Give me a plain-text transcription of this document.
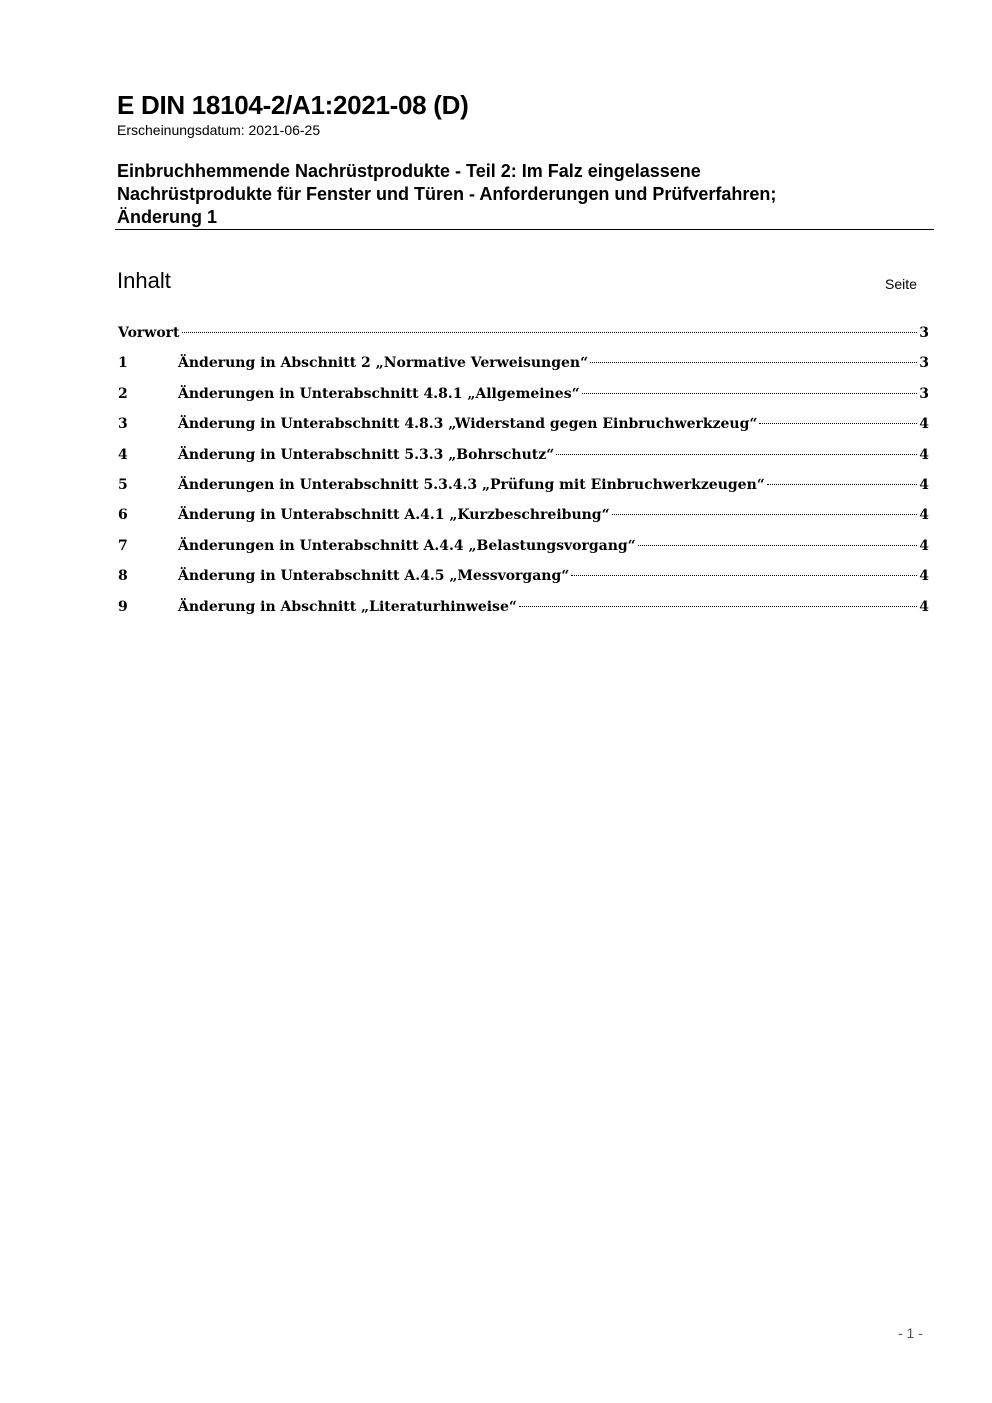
E DIN 18104-2/A1:2021-08 (D)
Erscheinungsdatum: 2021-06-25
Einbruchhemmende Nachrüstprodukte - Teil 2: Im Falz eingelassene
Nachrüstprodukte für Fenster und Türen - Anforderungen und Prüfverfahren;
Änderung 1
Inhalt	Seite
Vorwort	3
1	Änderung in Abschnitt 2 „Normative Verweisungen“	3
2	Änderungen in Unterabschnitt 4.8.1 „Allgemeines“	3
3	Änderung in Unterabschnitt 4.8.3 „Widerstand gegen Einbruchwerkzeug“	4
4	Änderung in Unterabschnitt 5.3.3 „Bohrschutz“	4
5	Änderungen in Unterabschnitt 5.3.4.3 „Prüfung mit Einbruchwerkzeugen“	4
6	Änderung in Unterabschnitt A.4.1 „Kurzbeschreibung“	4
7	Änderungen in Unterabschnitt A.4.4 „Belastungsvorgang“	4
8	Änderung in Unterabschnitt A.4.5 „Messvorgang“	4
9	Änderung in Abschnitt „Literaturhinweise“	4
- 1 -
